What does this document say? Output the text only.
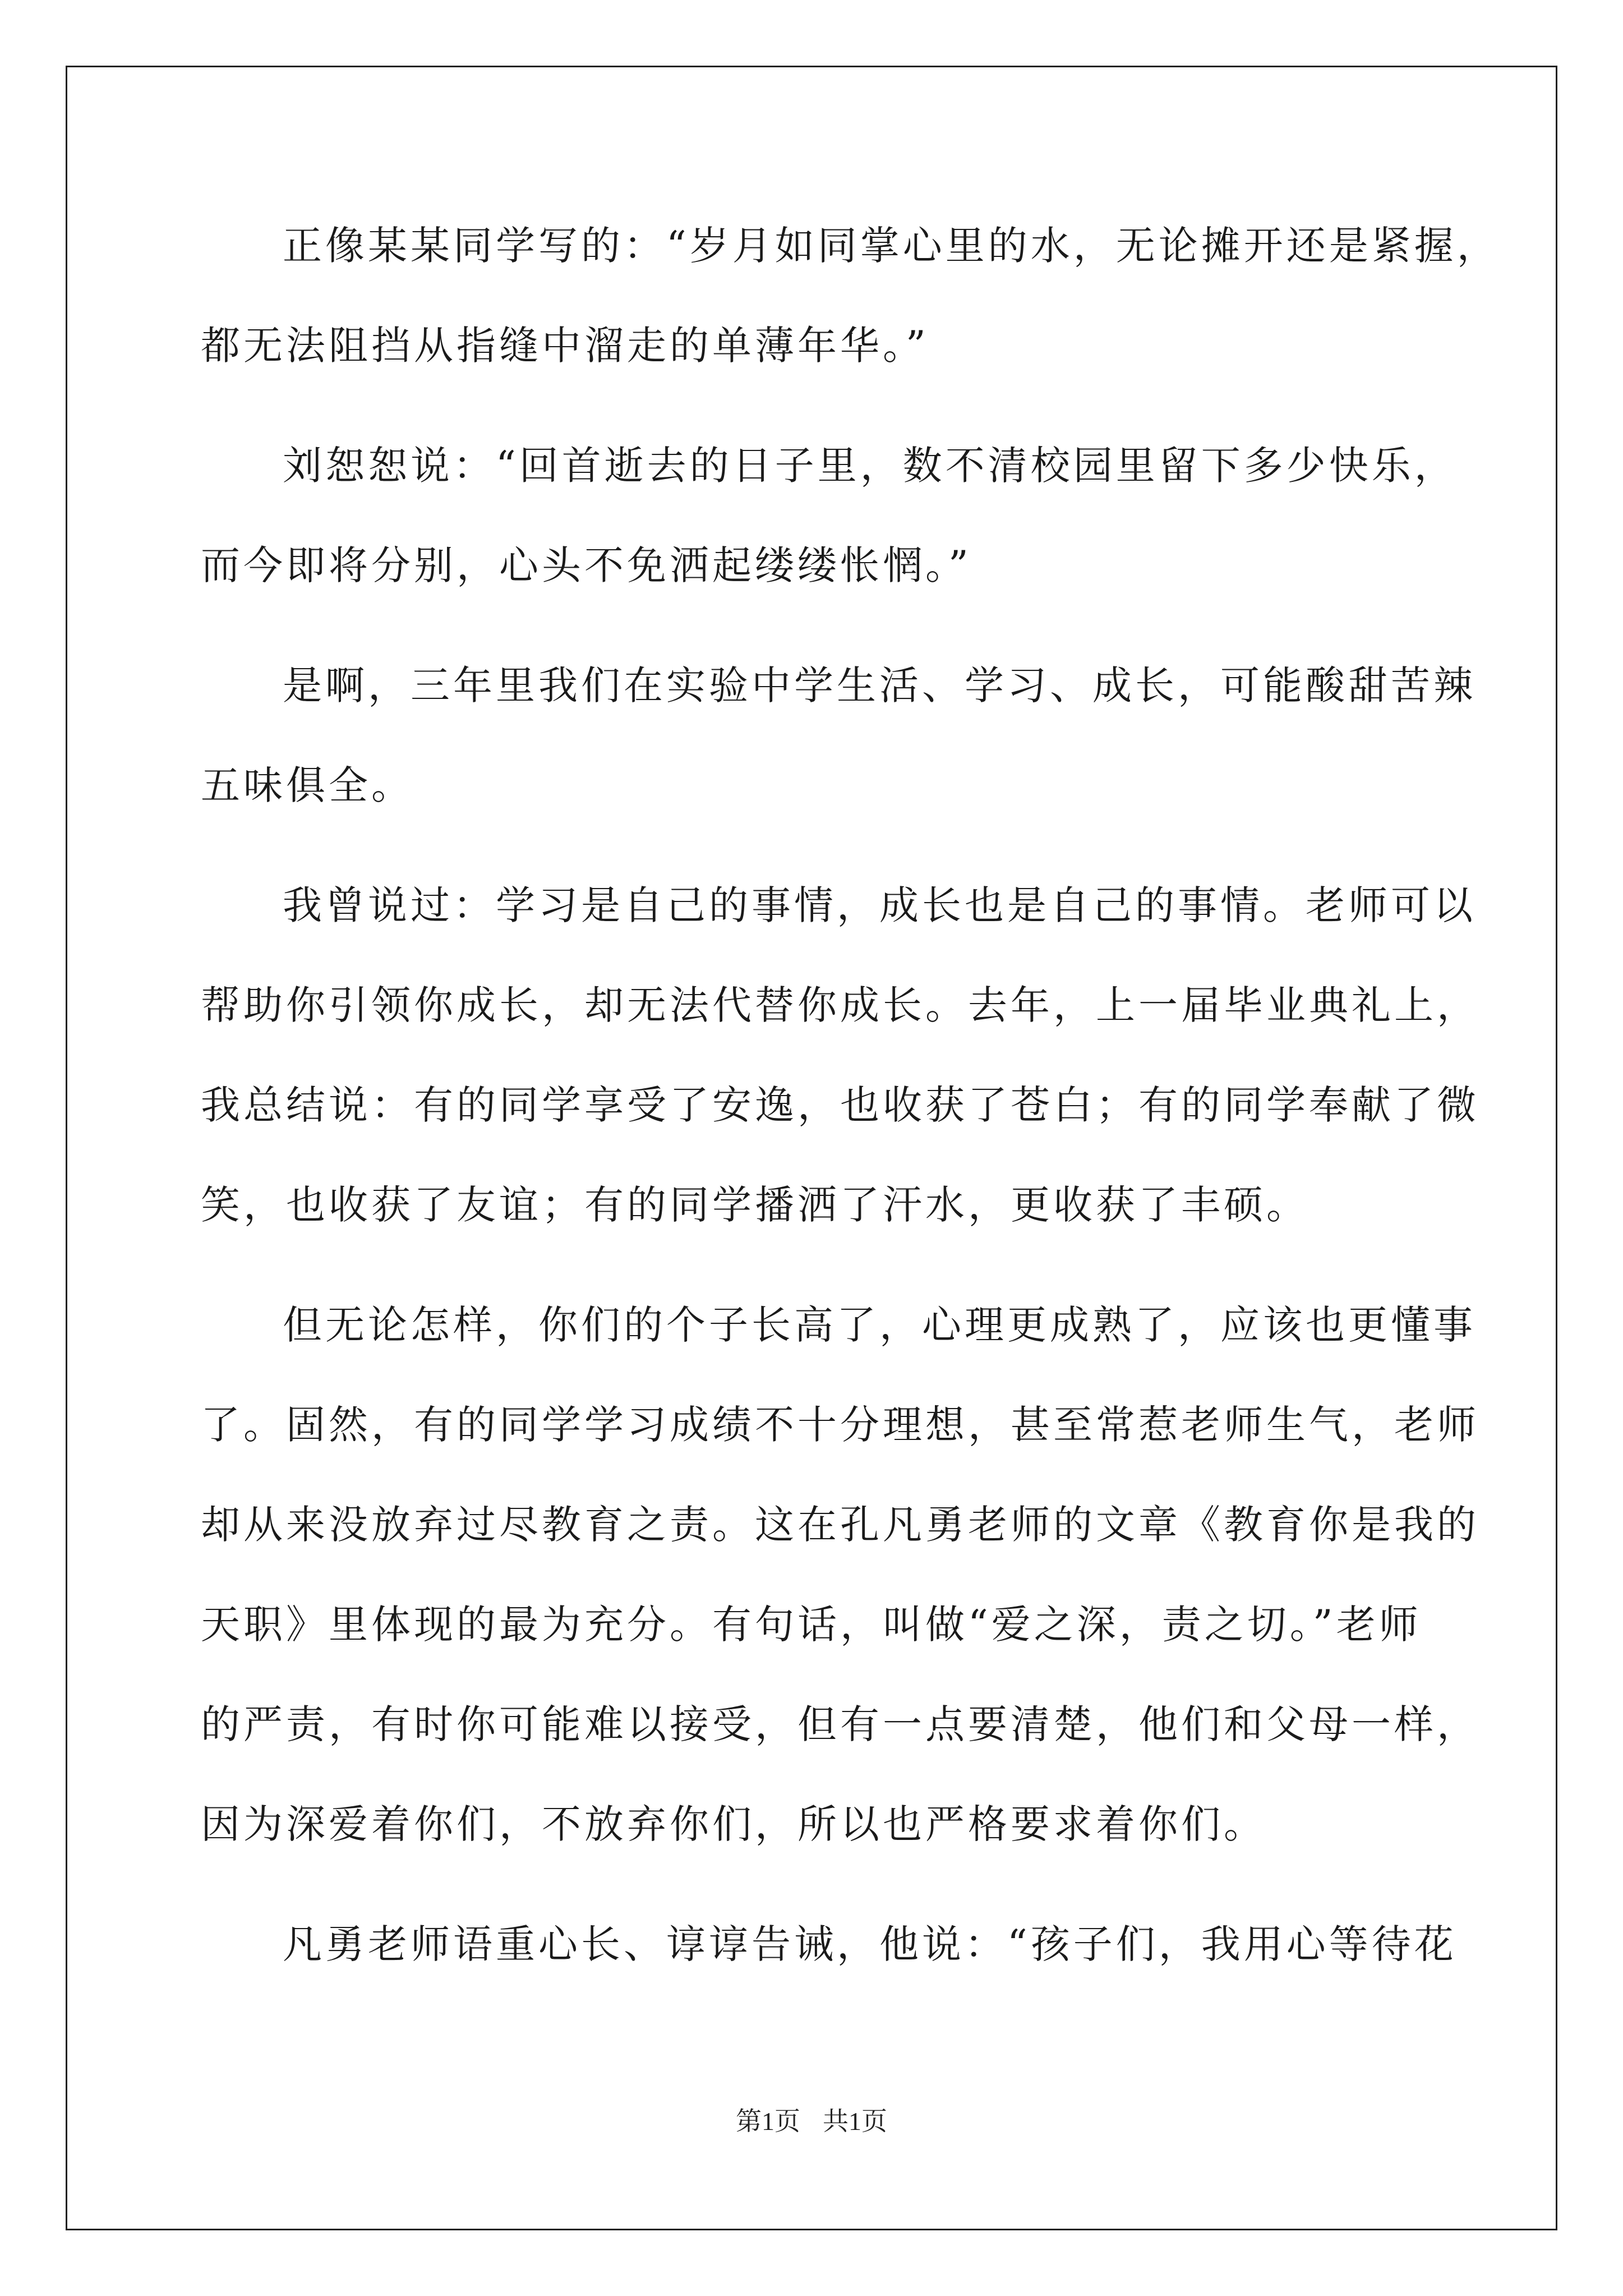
正像某某同学写的：“岁月如同掌心里的水，无论摊开还是紧握，
都无法阻挡从指缝中溜走的单薄年华。”
刘恕恕说：“回首逝去的日子里，数不清校园里留下多少快乐，
而今即将分别，心头不免洒起缕缕怅惘。”
是啊，三年里我们在实验中学生活、学习、成长，可能酸甜苦辣
五味俱全。
我曾说过：学习是自己的事情，成长也是自己的事情。老师可以
帮助你引领你成长，却无法代替你成长。去年，上一届毕业典礼上，
我总结说：有的同学享受了安逸，也收获了苍白；有的同学奉献了微
笑，也收获了友谊；有的同学播洒了汗水，更收获了丰硕。
但无论怎样，你们的个子长高了，心理更成熟了，应该也更懂事
了。固然，有的同学学习成绩不十分理想，甚至常惹老师生气，老师
却从来没放弃过尽教育之责。这在孔凡勇老师的文章《教育你是我的
天职》里体现的最为充分。有句话，叫做“爱之深，责之切。”老师
的严责，有时你可能难以接受，但有一点要清楚，他们和父母一样，
因为深爱着你们，不放弃你们，所以也严格要求着你们。
凡勇老师语重心长、谆谆告诫，他说：“孩子们，我用心等待花
第1页 共1页
